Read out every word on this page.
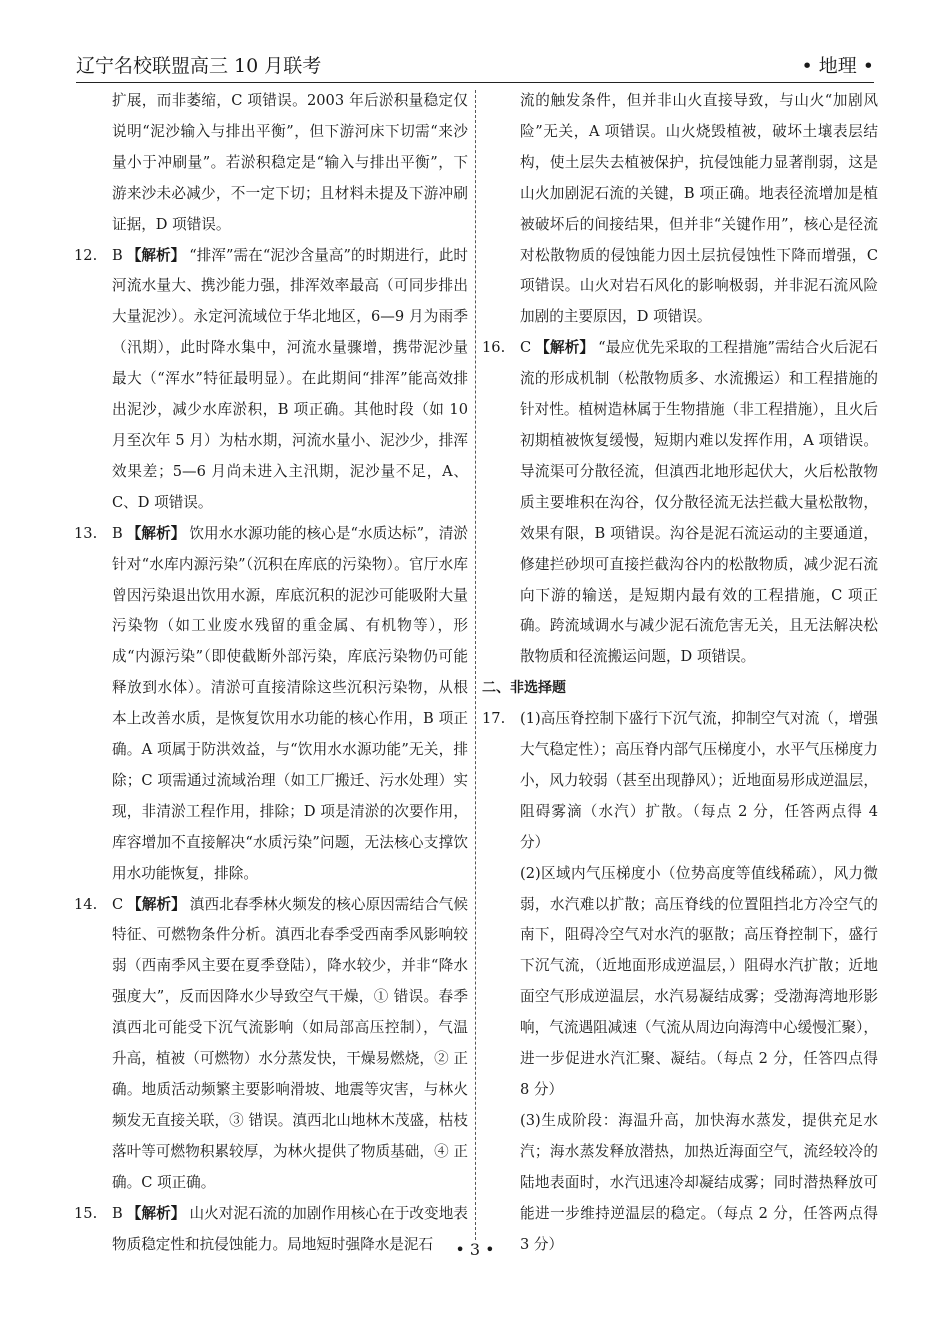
辽宁名校联盟高三 10 月联考	• 地理 •

扩展，而非萎缩，C 项错误。2003 年后淤积量稳定仅说明“泥沙输入与排出平衡”，但下游河床下切需“来沙量小于冲刷量”。若淤积稳定是“输入与排出平衡”，下游来沙未必减少，不一定下切；且材料未提及下游冲刷证据，D 项错误。

12. B 【解析】 “排浑”需在“泥沙含量高”的时期进行，此时河流水量大、携沙能力强，排浑效率最高（可同步排出大量泥沙）。永定河流域位于华北地区，6—9 月为雨季（汛期），此时降水集中，河流水量骤增，携带泥沙量最大（“浑水”特征最明显）。在此期间“排浑”能高效排出泥沙，减少水库淤积，B 项正确。其他时段（如 10 月至次年 5 月）为枯水期，河流水量小、泥沙少，排浑效果差；5—6 月尚未进入主汛期，泥沙量不足，A、C、D 项错误。
13. B 【解析】 饮用水水源功能的核心是“水质达标”，清淤针对“水库内源污染”（沉积在库底的污染物）。官厅水库曾因污染退出饮用水源，库底沉积的泥沙可能吸附大量污染物（如工业废水残留的重金属、有机物等），形成“内源污染”（即使截断外部污染，库底污染物仍可能释放到水体）。清淤可直接清除这些沉积污染物，从根本上改善水质，是恢复饮用水功能的核心作用，B 项正确。A 项属于防洪效益，与“饮用水水源功能”无关，排除；C 项需通过流域治理（如工厂搬迁、污水处理）实现，非清淤工程作用，排除；D 项是清淤的次要作用，库容增加不直接解决“水质污染”问题，无法核心支撑饮用水功能恢复，排除。
14. C 【解析】 滇西北春季林火频发的核心原因需结合气候特征、可燃物条件分析。滇西北春季受西南季风影响较弱（西南季风主要在夏季登陆），降水较少，并非“降水强度大”，反而因降水少导致空气干燥，① 错误。春季滇西北可能受下沉气流影响（如局部高压控制），气温升高，植被（可燃物）水分蒸发快，干燥易燃烧，② 正确。地质活动频繁主要影响滑坡、地震等灾害，与林火频发无直接关联，③ 错误。滇西北山地林木茂盛，枯枝落叶等可燃物积累较厚，为林火提供了物质基础，④ 正确。C 项正确。
15. B 【解析】 山火对泥石流的加剧作用核心在于改变地表物质稳定性和抗侵蚀能力。局地短时强降水是泥石

流的触发条件，但并非山火直接导致，与山火“加剧风险”无关，A 项错误。山火烧毁植被，破坏土壤表层结构，使土层失去植被保护，抗侵蚀能力显著削弱，这是山火加剧泥石流的关键，B 项正确。地表径流增加是植被破坏后的间接结果，但并非“关键作用”，核心是径流对松散物质的侵蚀能力因土层抗侵蚀性下降而增强，C 项错误。山火对岩石风化的影响极弱，并非泥石流风险加剧的主要原因，D 项错误。

16. C 【解析】 “最应优先采取的工程措施”需结合火后泥石流的形成机制（松散物质多、水流搬运）和工程措施的针对性。植树造林属于生物措施（非工程措施），且火后初期植被恢复缓慢，短期内难以发挥作用，A 项错误。导流渠可分散径流，但滇西北地形起伏大，火后松散物质主要堆积在沟谷，仅分散径流无法拦截大量松散物，效果有限，B 项错误。沟谷是泥石流运动的主要通道，修建拦砂坝可直接拦截沟谷内的松散物质，减少泥石流向下游的输送，是短期内最有效的工程措施，C 项正确。跨流域调水与减少泥石流危害无关，且无法解决松散物质和径流搬运问题，D 项错误。
二、非选择题
17. (1)高压脊控制下盛行下沉气流，抑制空气对流（，增强大气稳定性）；高压脊内部气压梯度小，水平气压梯度力小，风力较弱（甚至出现静风）；近地面易形成逆温层，阻碍雾滴（水汽）扩散。（每点 2 分，任答两点得 4 分）
(2)区域内气压梯度小（位势高度等值线稀疏），风力微弱，水汽难以扩散；高压脊线的位置阻挡北方冷空气的南下，阻碍冷空气对水汽的驱散；高压脊控制下，盛行下沉气流，（近地面形成逆温层，）阻碍水汽扩散；近地面空气形成逆温层，水汽易凝结成雾；受渤海湾地形影响，气流遇阻减速（气流从周边向海湾中心缓慢汇聚），进一步促进水汽汇聚、凝结。（每点 2 分，任答四点得 8 分）
(3)生成阶段：海温升高，加快海水蒸发，提供充足水汽；海水蒸发释放潜热，加热近海面空气，流经较冷的陆地表面时，水汽迅速冷却凝结成雾；同时潜热释放可能进一步维持逆温层的稳定。（每点 2 分，任答两点得 3 分）
• 3 •
